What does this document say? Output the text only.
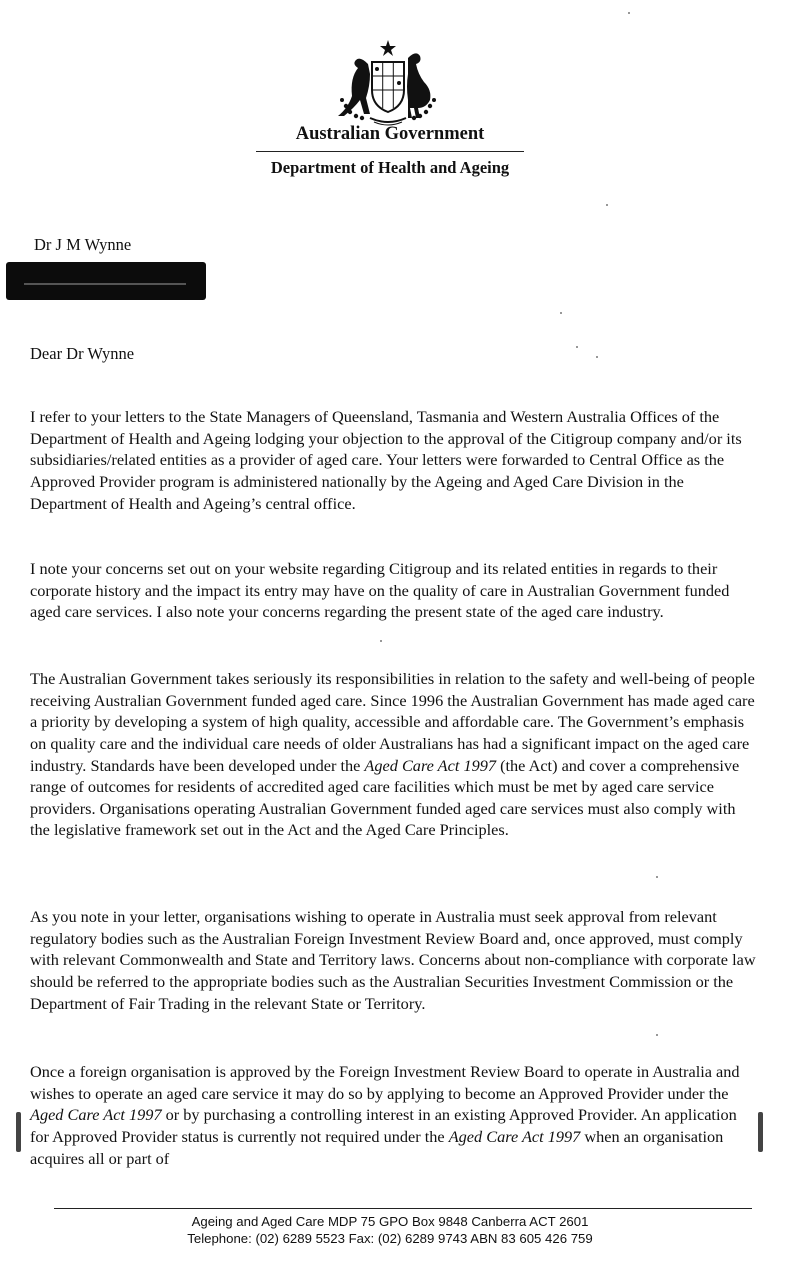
Australian Government
Department of Health and Ageing
Dr J M Wynne
Dear Dr Wynne

I refer to your letters to the State Managers of Queensland, Tasmania and Western Australia Offices of the Department of Health and Ageing lodging your objection to the approval of the Citigroup company and/or its subsidiaries/related entities as a provider of aged care. Your letters were forwarded to Central Office as the Approved Provider program is administered nationally by the Ageing and Aged Care Division in the Department of Health and Ageing’s central office.

I note your concerns set out on your website regarding Citigroup and its related entities in regards to their corporate history and the impact its entry may have on the quality of care in Australian Government funded aged care services. I also note your concerns regarding the present state of the aged care industry.

The Australian Government takes seriously its responsibilities in relation to the safety and well-being of people receiving Australian Government funded aged care. Since 1996 the Australian Government has made aged care a priority by developing a system of high quality, accessible and affordable care. The Government’s emphasis on quality care and the individual care needs of older Australians has had a significant impact on the aged care industry. Standards have been developed under the Aged Care Act 1997 (the Act) and cover a comprehensive range of outcomes for residents of accredited aged care facilities which must be met by aged care service providers. Organisations operating Australian Government funded aged care services must also comply with the legislative framework set out in the Act and the Aged Care Principles.

As you note in your letter, organisations wishing to operate in Australia must seek approval from relevant regulatory bodies such as the Australian Foreign Investment Review Board and, once approved, must comply with relevant Commonwealth and State and Territory laws. Concerns about non-compliance with corporate law should be referred to the appropriate bodies such as the Australian Securities Investment Commission or the Department of Fair Trading in the relevant State or Territory.

Once a foreign organisation is approved by the Foreign Investment Review Board to operate in Australia and wishes to operate an aged care service it may do so by applying to become an Approved Provider under the Aged Care Act 1997 or by purchasing a controlling interest in an existing Approved Provider. An application for Approved Provider status is currently not required under the Aged Care Act 1997 when an organisation acquires all or part of

Ageing and Aged Care MDP 75 GPO Box 9848 Canberra ACT 2601
Telephone: (02) 6289 5523 Fax: (02) 6289 9743 ABN 83 605 426 759
